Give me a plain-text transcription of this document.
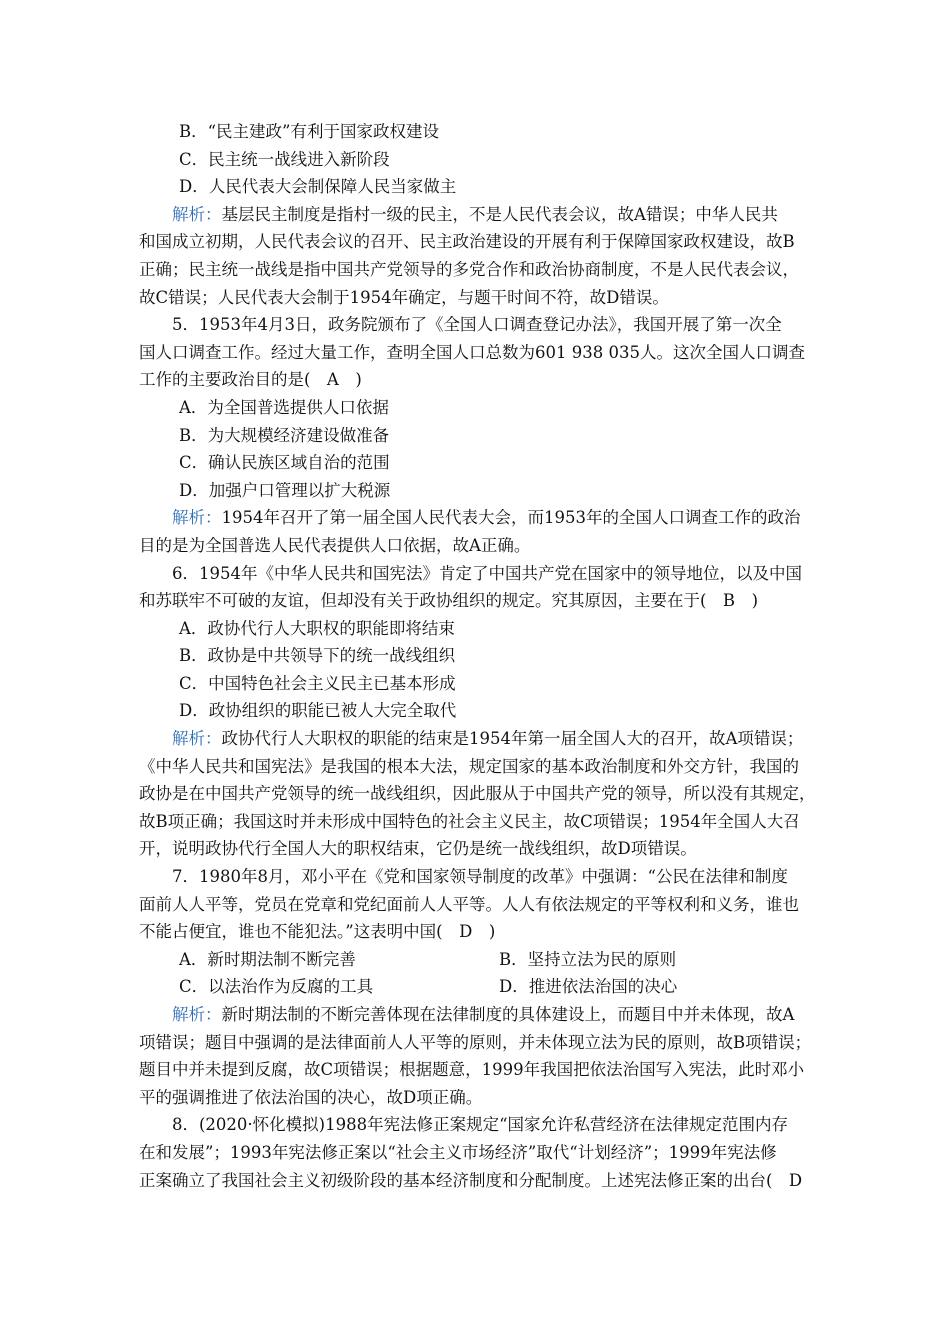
B．“民主建政”有利于国家政权建设
C．民主统一战线进入新阶段
D．人民代表大会制保障人民当家做主
解析：基层民主制度是指村一级的民主，不是人民代表会议，故A错误；中华人民共
和国成立初期，人民代表会议的召开、民主政治建设的开展有利于保障国家政权建设，故B
正确；民主统一战线是指中国共产党领导的多党合作和政治协商制度，不是人民代表会议，
故C错误；人民代表大会制于1954年确定，与题干时间不符，故D错误。
5．1953年4月3日，政务院颁布了《全国人口调查登记办法》，我国开展了第一次全
国人口调查工作。经过大量工作，查明全国人口总数为601 938 035人。这次全国人口调查
工作的主要政治目的是(　A　)
A．为全国普选提供人口依据
B．为大规模经济建设做准备
C．确认民族区域自治的范围
D．加强户口管理以扩大税源
解析：1954年召开了第一届全国人民代表大会，而1953年的全国人口调查工作的政治
目的是为全国普选人民代表提供人口依据，故A正确。
6．1954年《中华人民共和国宪法》肯定了中国共产党在国家中的领导地位，以及中国
和苏联牢不可破的友谊，但却没有关于政协组织的规定。究其原因，主要在于(　B　)
A．政协代行人大职权的职能即将结束
B．政协是中共领导下的统一战线组织
C．中国特色社会主义民主已基本形成
D．政协组织的职能已被人大完全取代
解析：政协代行人大职权的职能的结束是1954年第一届全国人大的召开，故A项错误；
《中华人民共和国宪法》是我国的根本大法，规定国家的基本政治制度和外交方针，我国的
政协是在中国共产党领导的统一战线组织，因此服从于中国共产党的领导，所以没有其规定，
故B项正确；我国这时并未形成中国特色的社会主义民主，故C项错误；1954年全国人大召
开，说明政协代行全国人大的职权结束，它仍是统一战线组织，故D项错误。
7．1980年8月，邓小平在《党和国家领导制度的改革》中强调：“公民在法律和制度
面前人人平等，党员在党章和党纪面前人人平等。人人有依法规定的平等权利和义务，谁也
不能占便宜，谁也不能犯法。”这表明中国(　D　)
A．新时期法制不断完善	B．坚持立法为民的原则
C．以法治作为反腐的工具	D．推进依法治国的决心
解析：新时期法制的不断完善体现在法律制度的具体建设上，而题目中并未体现，故A
项错误；题目中强调的是法律面前人人平等的原则，并未体现立法为民的原则，故B项错误；
题目中并未提到反腐，故C项错误；根据题意，1999年我国把依法治国写入宪法，此时邓小
平的强调推进了依法治国的决心，故D项正确。
8．(2020·怀化模拟)1988年宪法修正案规定“国家允许私营经济在法律规定范围内存
在和发展”；1993年宪法修正案以“社会主义市场经济”取代“计划经济”；1999年宪法修
正案确立了我国社会主义初级阶段的基本经济制度和分配制度。上述宪法修正案的出台(　D
